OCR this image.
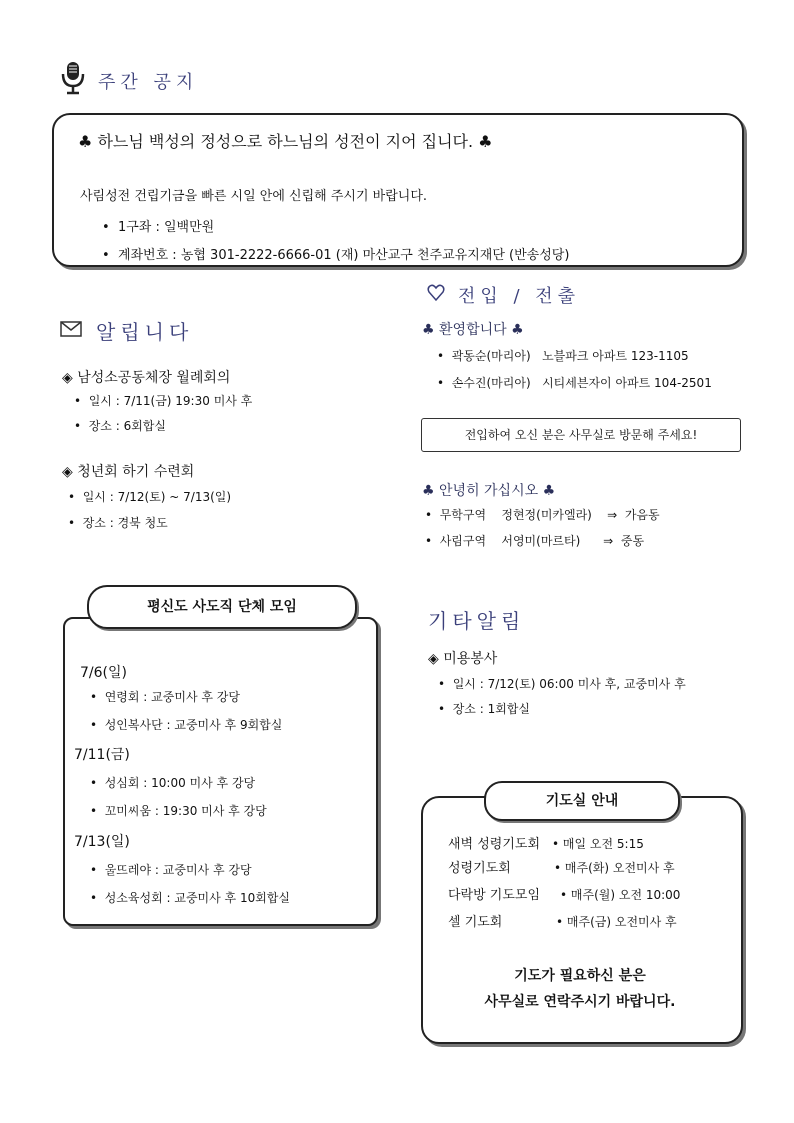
주간 공지
♣ 하느님 백성의 정성으로 하느님의 성전이 지어 집니다. ♣
사림성전 건립기금을 빠른 시일 안에 신립해 주시기 바랍니다.
•  1구좌 : 일백만원
•  계좌번호 : 농협 301-2222-6666-01 (재) 마산교구 천주교유지재단 (반송성당)
알립니다
◈ 남성소공동체장 월례회의
•  일시 : 7/11(금) 19:30 미사 후
•  장소 : 6회합실
◈ 청년회 하기 수련회
•  일시 : 7/12(토) ~ 7/13(일)
•  장소 : 경북 청도
평신도 사도직 단체 모임
7/6(일)
•  연령회 : 교중미사 후 강당
•  성인복사단 : 교중미사 후 9회합실
7/11(금)
•  성심회 : 10:00 미사 후 강당
•  꼬미씨움 : 19:30 미사 후 강당
7/13(일)
•  울뜨레야 : 교중미사 후 강당
•  성소육성회 : 교중미사 후 10회합실
전입 / 전출
♣ 환영합니다 ♣
•  곽동순(마리아) 노블파크 아파트 123-1105
•  손수진(마리아) 시티세븐자이 아파트 104-2501
전입하여 오신 분은 사무실로 방문해 주세요!
♣ 안녕히 가십시오 ♣
•  무학구역 정현정(미카엘라) ⇒ 가음동
•  사림구역 서영미(마르타) ⇒ 중동
기타알림
◈ 미용봉사
•  일시 : 7/12(토) 06:00 미사 후, 교중미사 후
•  장소 : 1회합실
기도실 안내
새벽 성령기도회 • 매일 오전 5:15
성령기도회	• 매주(화) 오전미사 후
다락방 기도모임 • 매주(월) 오전 10:00
셀 기도회	• 매주(금) 오전미사 후
기도가 필요하신 분은
사무실로 연락주시기 바랍니다.
